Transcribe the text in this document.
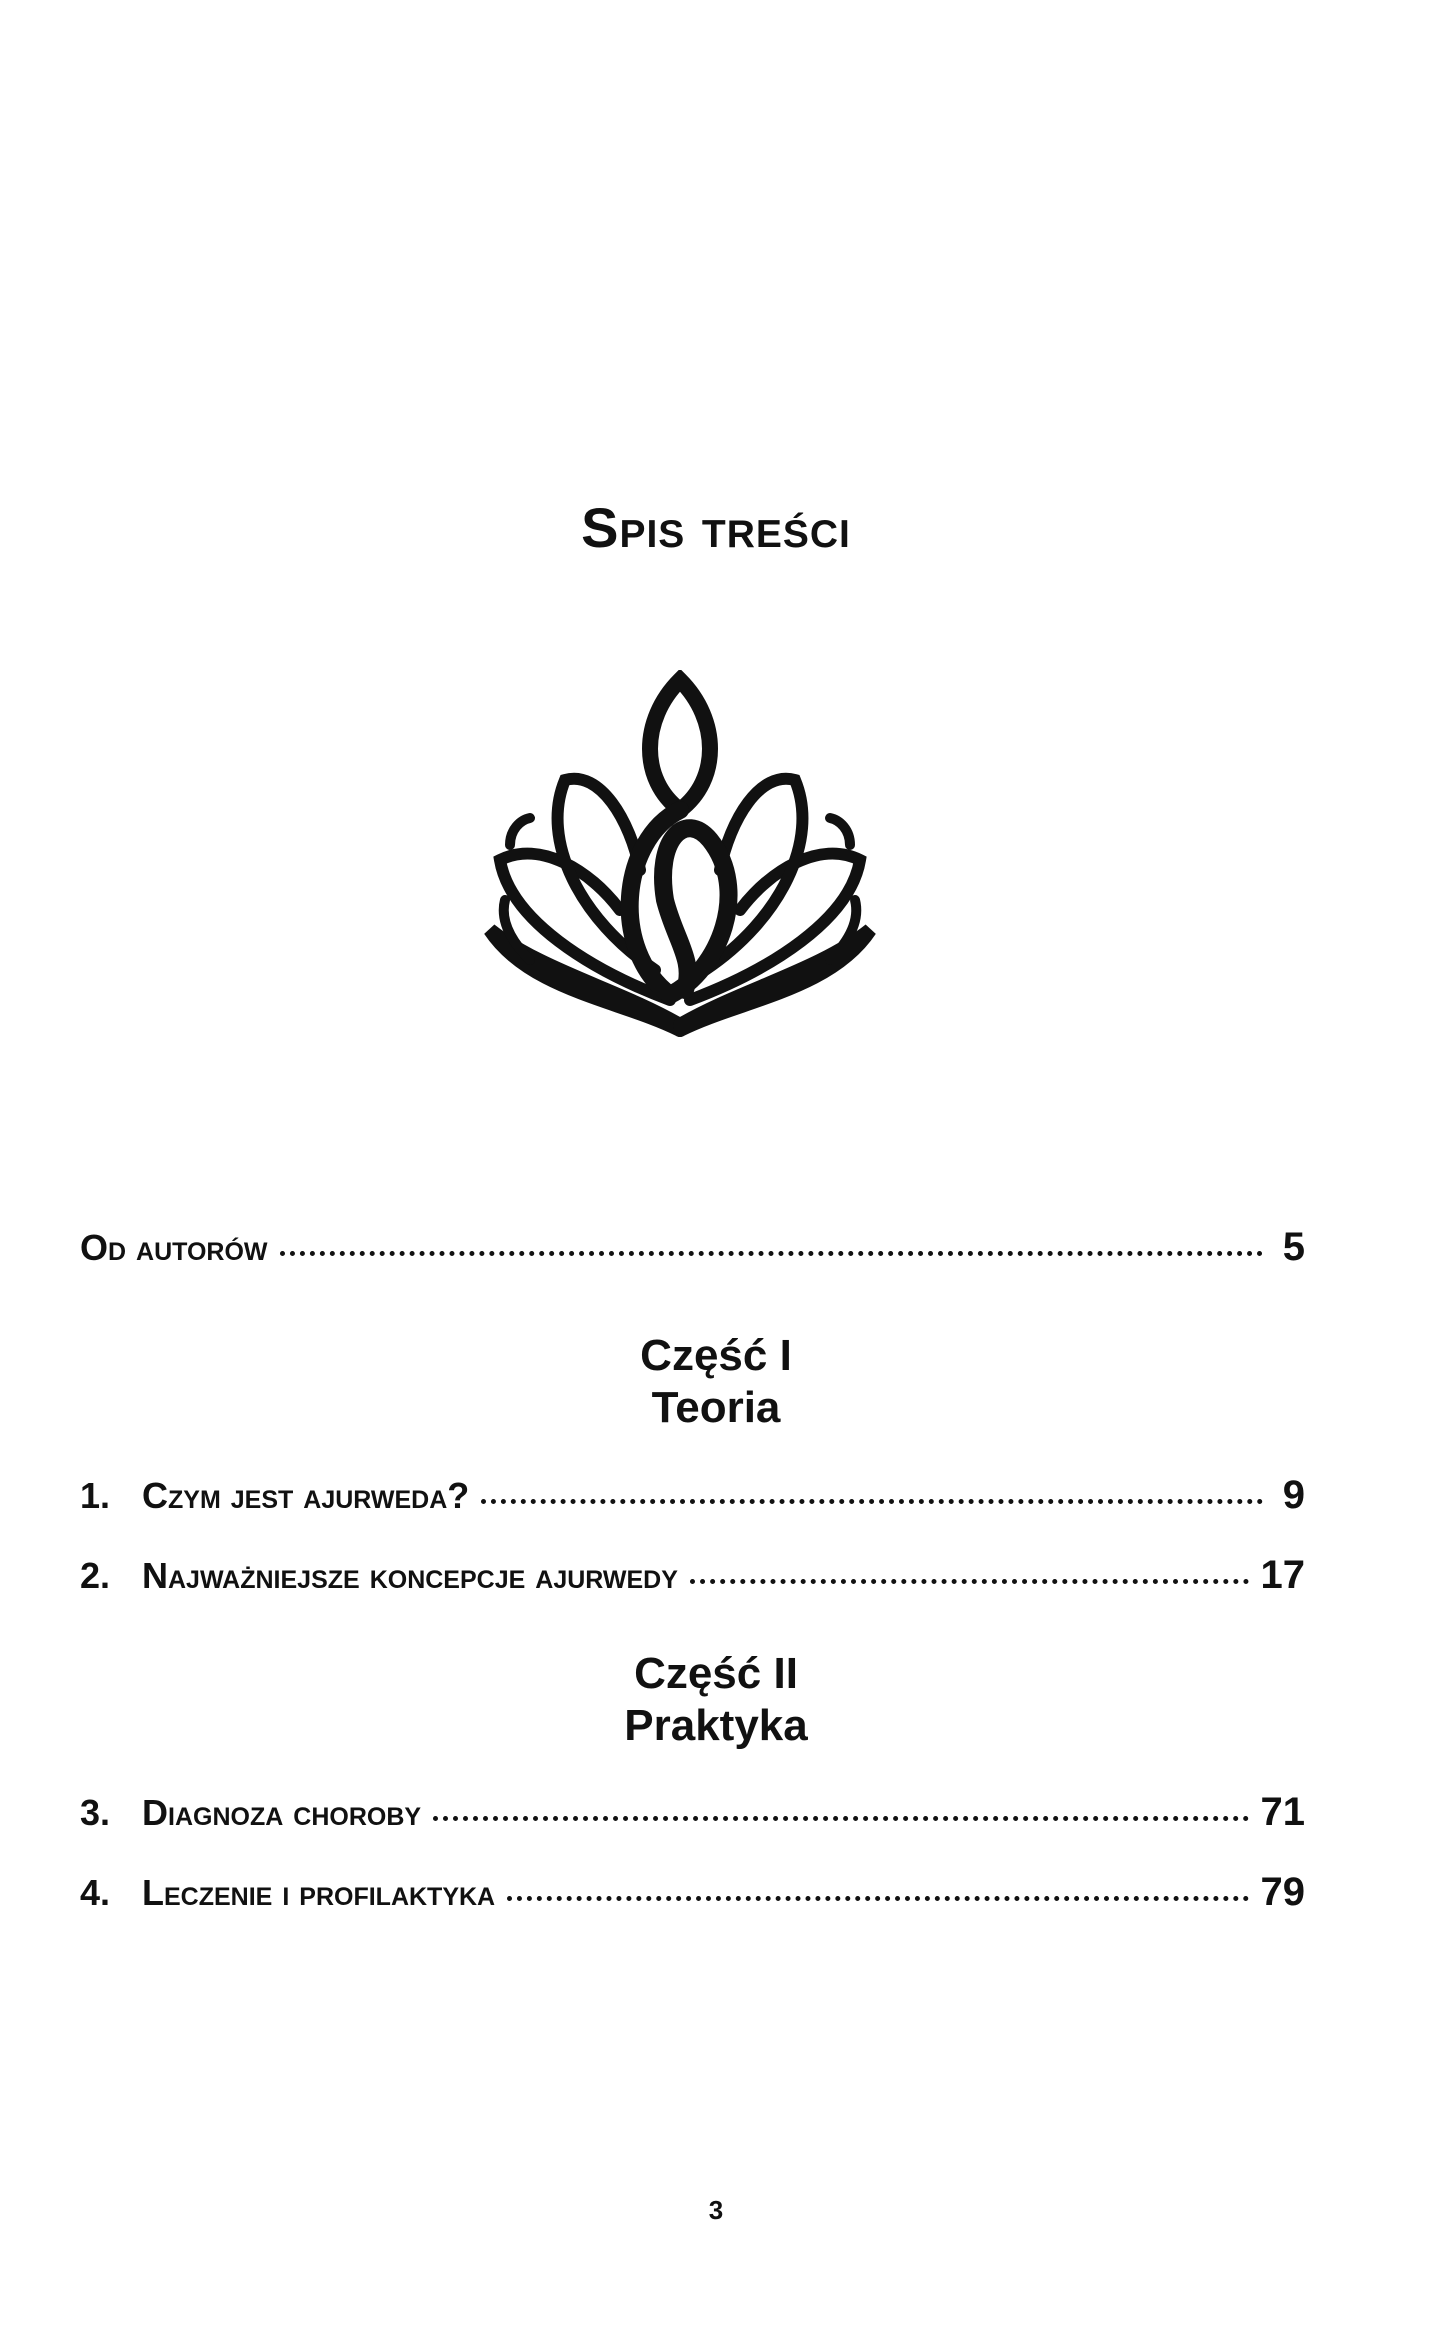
Spis treści
Od autorów	5
Część I
Teoria
1. Czym jest ajurweda?	9
2. Najważniejsze koncepcje ajurwedy	17
Część II
Praktyka
3. Diagnoza choroby	71
4. Leczenie i profilaktyka	79
3
